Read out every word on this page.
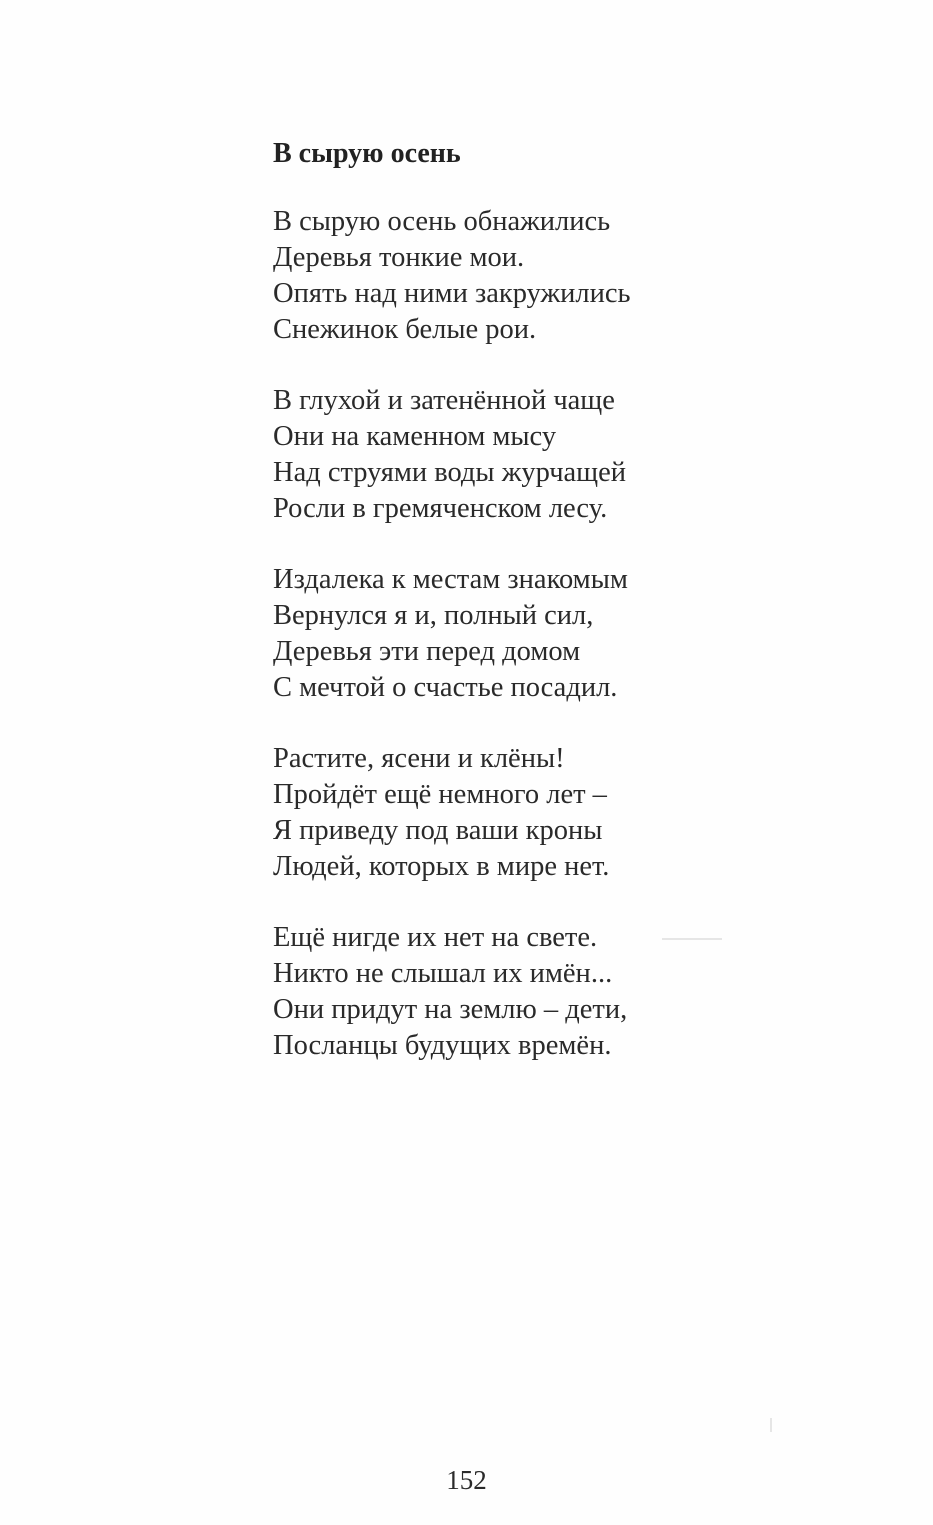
В сырую осень
В сырую осень обнажились
Деревья тонкие мои.
Опять над ними закружились
Снежинок белые рои.
В глухой и затенённой чаще
Они на каменном мысу
Над струями воды журчащей
Росли в гремяченском лесу.
Издалека к местам знакомым
Вернулся я и, полный сил,
Деревья эти перед домом
С мечтой о счастье посадил.
Растите, ясени и клёны!
Пройдёт ещё немного лет –
Я приведу под ваши кроны
Людей, которых в мире нет.
Ещё нигде их нет на свете.
Никто не слышал их имён...
Они придут на землю – дети,
Посланцы будущих времён.
152
